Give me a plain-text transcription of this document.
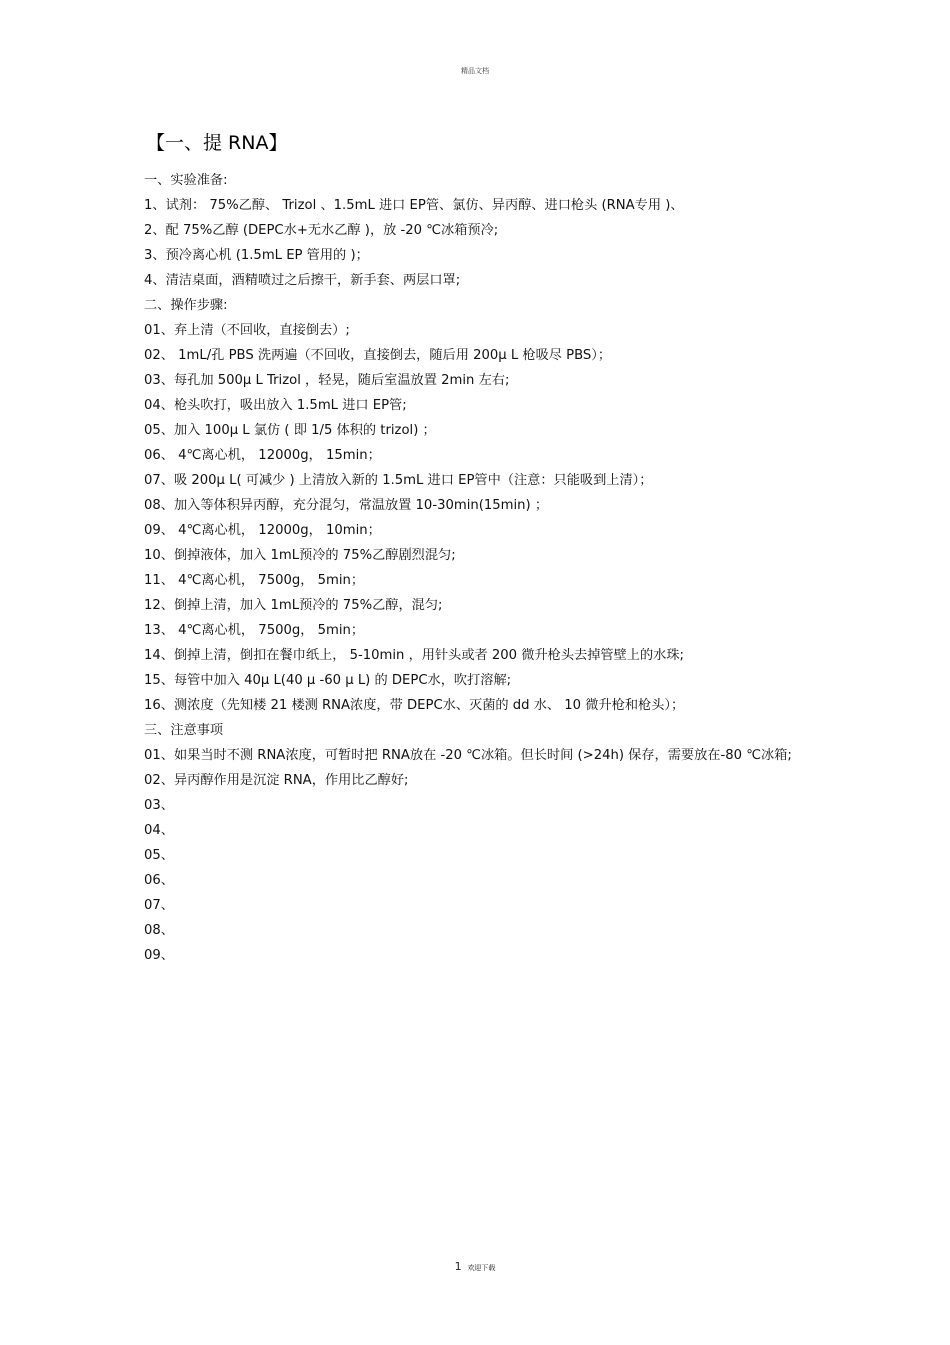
精品文档
【一、提 RNA】
一、实验准备:
1、试剂： 75%乙醇、 Trizol 、1.5mL 进口 EP管、氯仿、异丙醇、进口枪头 (RNA专用 )、
2、配 75%乙醇 (DEPC水+无水乙醇 )，放 -20 ℃冰箱预冷;
3、预冷离心机 (1.5mL EP 管用的 )；
4、清洁桌面，酒精喷过之后擦干，新手套、两层口罩;
二、操作步骤:
01、弃上清（不回收，直接倒去）;
02、 1mL/孔 PBS 洗两遍（不回收，直接倒去，随后用 200μ L 枪吸尽 PBS）；
03、每孔加 500μ L Trizol ，轻晃，随后室温放置 2min 左右;
04、枪头吹打，吸出放入 1.5mL 进口 EP管;
05、加入 100μ L 氯仿 ( 即 1/5 体积的 trizol) ；
06、 4℃离心机， 12000g， 15min；
07、吸 200μ L( 可减少 ) 上清放入新的 1.5mL 进口 EP管中（注意：只能吸到上清）；
08、加入等体积异丙醇，充分混匀，常温放置 10-30min(15min) ；
09、 4℃离心机， 12000g， 10min；
10、倒掉液体，加入 1mL预冷的 75%乙醇剧烈混匀;
11、 4℃离心机， 7500g， 5min；
12、倒掉上清，加入 1mL预冷的 75%乙醇，混匀;
13、 4℃离心机， 7500g， 5min；
14、倒掉上清，倒扣在餐巾纸上， 5-10min ，用针头或者 200 微升枪头去掉管壁上的水珠;
15、每管中加入 40μ L(40 μ -60 μ L) 的 DEPC水，吹打溶解;
16、测浓度（先知楼 21 楼测 RNA浓度，带 DEPC水、灭菌的 dd 水、 10 微升枪和枪头）；
三、注意事项
01、如果当时不测 RNA浓度，可暂时把 RNA放在 -20 ℃冰箱。但长时间 (>24h) 保存，需要放在-80 ℃冰箱;
02、异丙醇作用是沉淀 RNA，作用比乙醇好;
03、
04、
05、
06、
07、
08、
09、
1 欢迎下载
